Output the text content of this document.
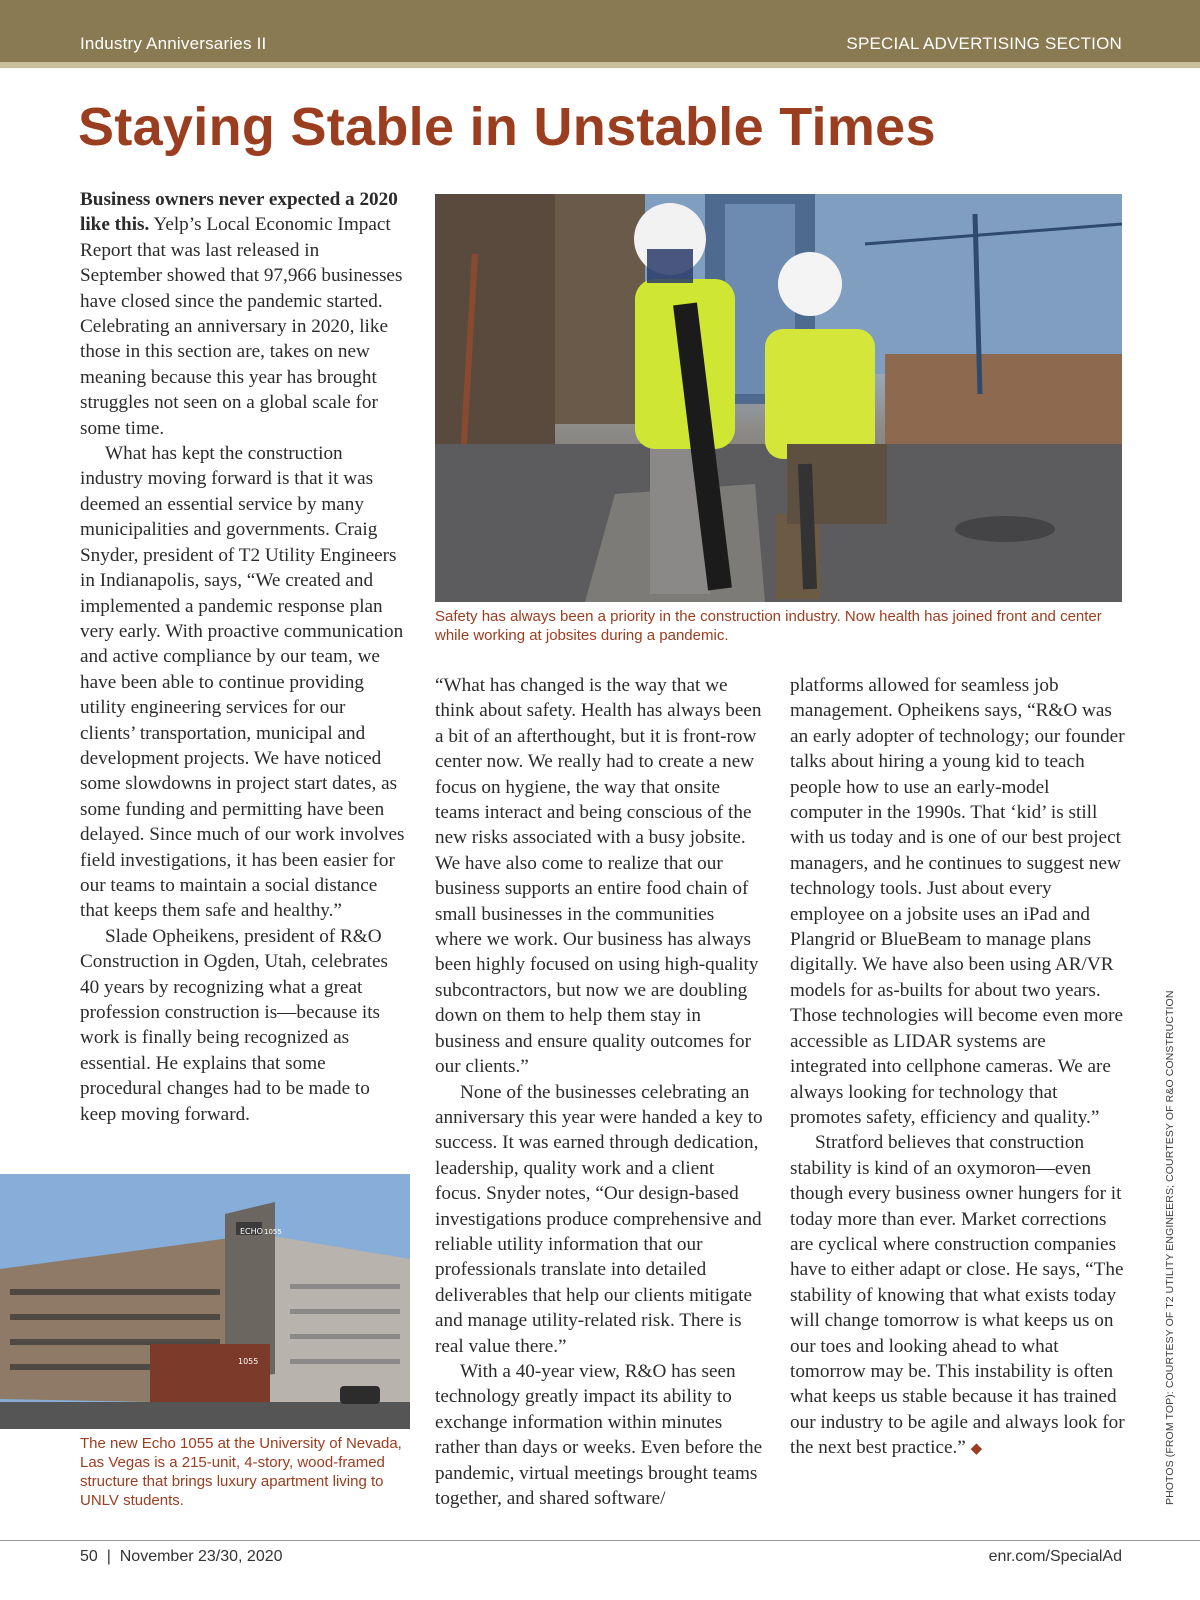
Industry Anniversaries II	SPECIAL ADVERTISING SECTION
Staying Stable in Unstable Times

Business owners never expected a 2020 like this. Yelp’s Local Economic Impact Report that was last released in September showed that 97,966 businesses have closed since the pandemic started. Celebrating an anniversary in 2020, like those in this section are, takes on new meaning because this year has brought struggles not seen on a global scale for some time.

What has kept the construction industry moving forward is that it was deemed an essential service by many municipalities and governments. Craig Snyder, president of T2 Utility Engineers in Indianapolis, says, “We created and implemented a pandemic response plan very early. With proactive communication and active compliance by our team, we have been able to continue providing utility engineering services for our clients’ transportation, municipal and development projects. We have noticed some slowdowns in project start dates, as some funding and permitting have been delayed. Since much of our work involves field investigations, it has been easier for our teams to maintain a social distance that keeps them safe and healthy.”

Slade Opheikens, president of R&O Construction in Ogden, Utah, celebrates 40 years by recognizing what a great profession construction is—because its work is finally being recognized as essential. He explains that some procedural changes had to be made to keep moving forward.

Safety has always been a priority in the construction industry. Now health has joined front and center while working at jobsites during a pandemic.

“What has changed is the way that we think about safety. Health has always been a bit of an afterthought, but it is front-row center now. We really had to create a new focus on hygiene, the way that onsite teams interact and being conscious of the new risks associated with a busy jobsite. We have also come to realize that our business supports an entire food chain of small businesses in the communities where we work. Our business has always been highly focused on using high-quality subcontractors, but now we are doubling down on them to help them stay in business and ensure quality outcomes for our clients.”

None of the businesses celebrating an anniversary this year were handed a key to success. It was earned through dedication, leadership, quality work and a client focus. Snyder notes, “Our design-based investigations produce comprehensive and reliable utility information that our professionals translate into detailed deliverables that help our clients mitigate and manage utility-related risk. There is real value there.”

With a 40-year view, R&O has seen technology greatly impact its ability to exchange information within minutes rather than days or weeks. Even before the pandemic, virtual meetings brought teams together, and shared software/

platforms allowed for seamless job management. Opheikens says, “R&O was an early adopter of technology; our founder talks about hiring a young kid to teach people how to use an early-model computer in the 1990s. That ‘kid’ is still with us today and is one of our best project managers, and he continues to suggest new technology tools. Just about every employee on a jobsite uses an iPad and Plangrid or BlueBeam to manage plans digitally. We have also been using AR/VR models for as-builts for about two years. Those technologies will become even more accessible as LIDAR systems are integrated into cellphone cameras. We are always looking for technology that promotes safety, efficiency and quality.”

Stratford believes that construction stability is kind of an oxymoron—even though every business owner hungers for it today more than ever. Market corrections are cyclical where construction companies have to either adapt or close. He says, “The stability of knowing that what exists today will change tomorrow is what keeps us on our toes and looking ahead to what tomorrow may be. This instability is often what keeps us stable because it has trained our industry to be agile and always look for the next best practice.” ◆

ECHO 1055
1055
The new Echo 1055 at the University of Nevada, Las Vegas is a 215-unit, 4-story, wood-framed structure that brings luxury apartment living to UNLV students.	PHOTOS (FROM TOP): COURTESY OF T2 UTILITY ENGINEERS; COURTESY OF R&O CONSTRUCTION
50 | November 23/30, 2020	enr.com/SpecialAd
